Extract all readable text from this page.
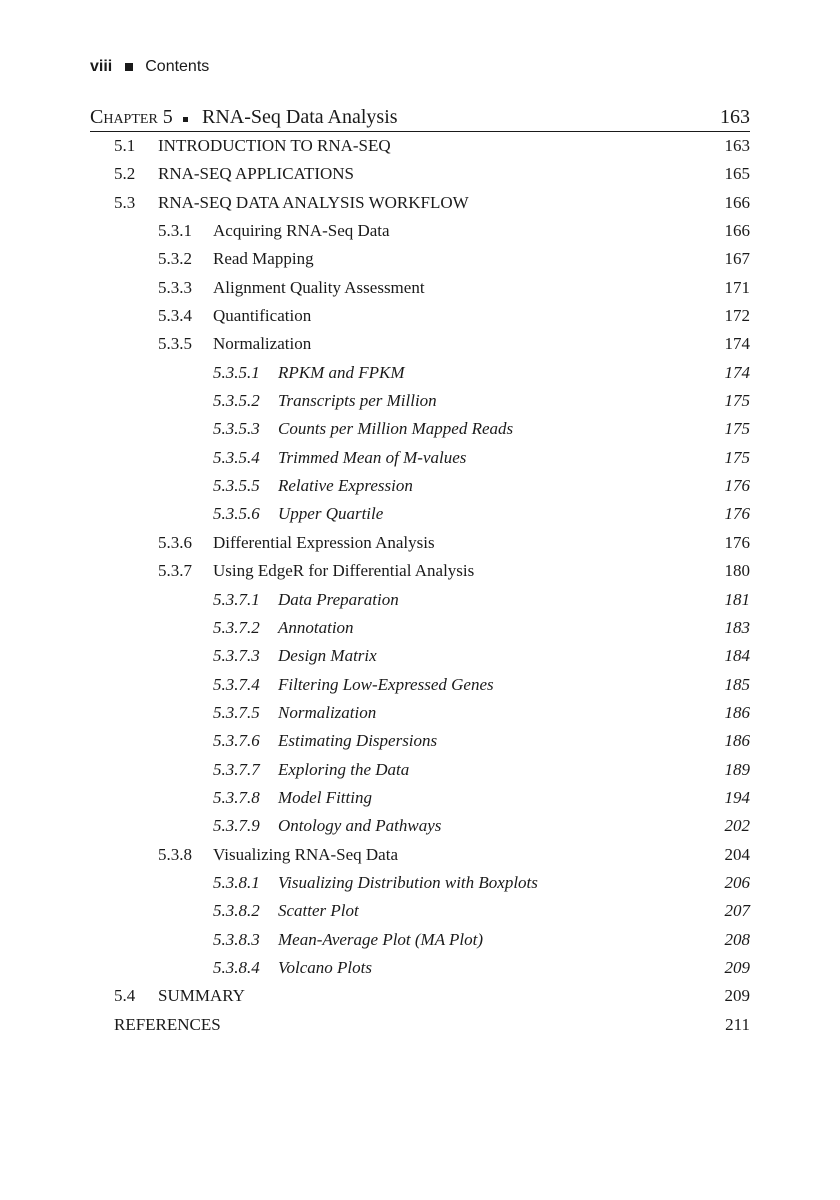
viii Contents
Chapter 5 RNA-Seq Data Analysis	163
5.1 INTRODUCTION TO RNA-SEQ	163
5.2 RNA-SEQ APPLICATIONS	165
5.3 RNA-SEQ DATA ANALYSIS WORKFLOW	166
5.3.1 Acquiring RNA-Seq Data	166
5.3.2 Read Mapping	167
5.3.3 Alignment Quality Assessment	171
5.3.4 Quantification	172
5.3.5 Normalization	174
5.3.5.1 RPKM and FPKM	174
5.3.5.2 Transcripts per Million	175
5.3.5.3 Counts per Million Mapped Reads	175
5.3.5.4 Trimmed Mean of M-values	175
5.3.5.5 Relative Expression	176
5.3.5.6 Upper Quartile	176
5.3.6 Differential Expression Analysis	176
5.3.7 Using EdgeR for Differential Analysis	180
5.3.7.1 Data Preparation	181
5.3.7.2 Annotation	183
5.3.7.3 Design Matrix	184
5.3.7.4 Filtering Low-Expressed Genes	185
5.3.7.5 Normalization	186
5.3.7.6 Estimating Dispersions	186
5.3.7.7 Exploring the Data	189
5.3.7.8 Model Fitting	194
5.3.7.9 Ontology and Pathways	202
5.3.8 Visualizing RNA-Seq Data	204
5.3.8.1 Visualizing Distribution with Boxplots	206
5.3.8.2 Scatter Plot	207
5.3.8.3 Mean-Average Plot (MA Plot)	208
5.3.8.4 Volcano Plots	209
5.4 SUMMARY	209
REFERENCES	211
